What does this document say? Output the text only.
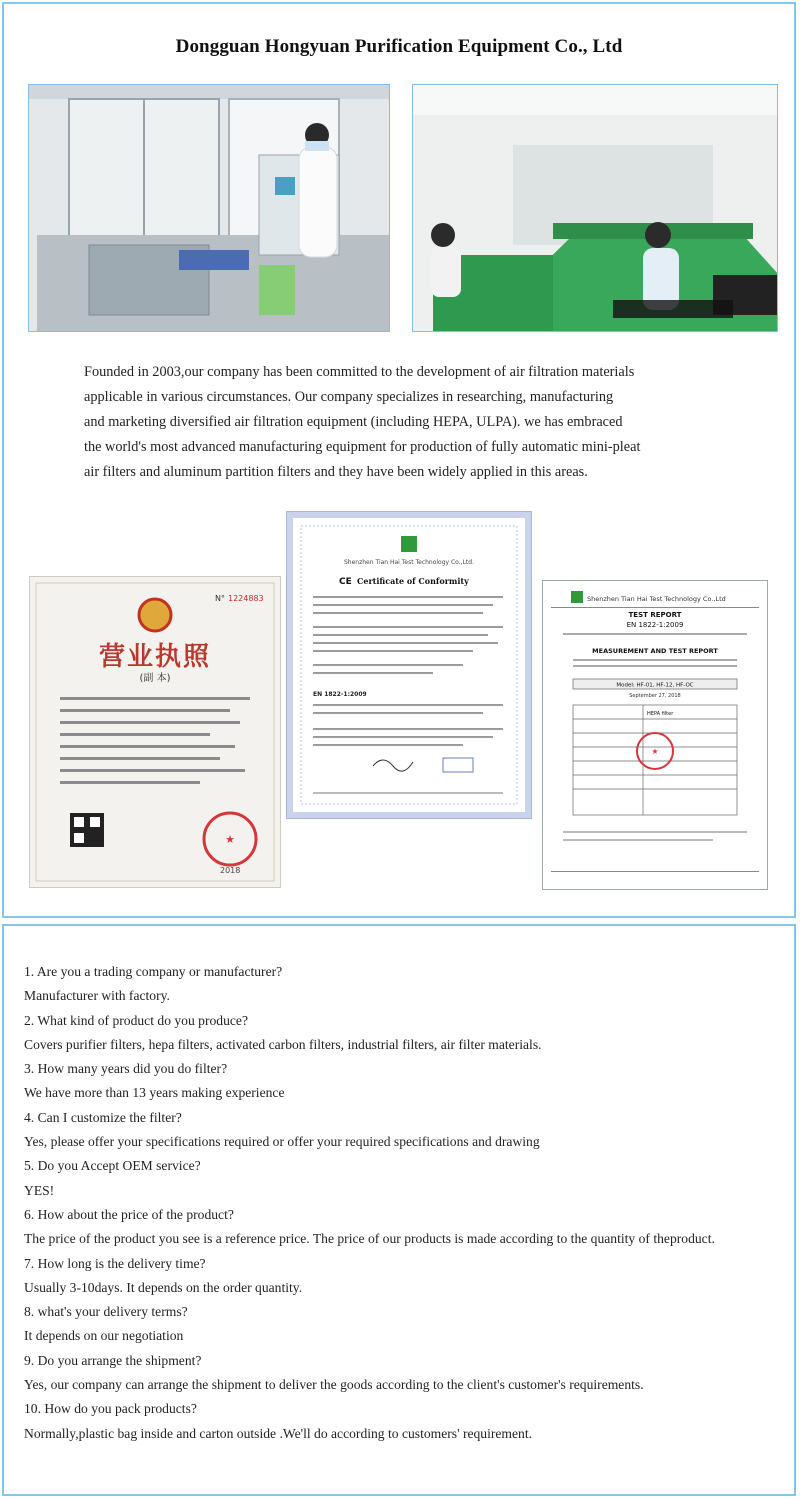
Dongguan Hongyuan Purification Equipment Co., Ltd

Founded in 2003,our company has been committed to the development of air filtration materials

applicable in various circumstances. Our company specializes in researching, manufacturing

and marketing diversified air filtration equipment (including HEPA, ULPA). we has embraced

the world's most advanced manufacturing equipment for production of fully automatic mini-pleat

air filters and aluminum partition filters and they have been widely applied in this areas.

N° 1224883
营业执照
(副 本)
★
2018
Shenzhen Tian Hai Test Technology Co.,Ltd.
CE Certificate of Conformity
EN 1822-1:2009
Shenzhen Tian Hai Test Technology Co.,Ltd
TEST REPORT
EN 1822-1:2009
MEASUREMENT AND TEST REPORT
Model: HF-01, HF-12, HF-OC
September 27, 2018
HEPA filter
★
1. Are you a trading company or manufacturer?
Manufacturer with factory.
2. What kind of product do you produce?
Covers purifier filters, hepa filters, activated carbon filters, industrial filters, air filter materials.
3. How many years did you do filter?
We have more than 13 years making experience
4. Can I customize the filter?
Yes, please offer your specifications required or offer your required specifications and drawing
5. Do you Accept OEM service?
YES!
6. How about the price of the product?
The price of the product you see is a reference price. The price of our products is made according to the quantity of theproduct.
7. How long is the delivery time?
Usually 3-10days. It depends on the order quantity.
8. what's your delivery terms?
It depends on our negotiation
9. Do you arrange the shipment?
Yes, our company can arrange the shipment to deliver the goods according to the client's customer's requirements.
10. How do you pack products?
Normally,plastic bag inside and carton outside .We'll do according to customers' requirement.
